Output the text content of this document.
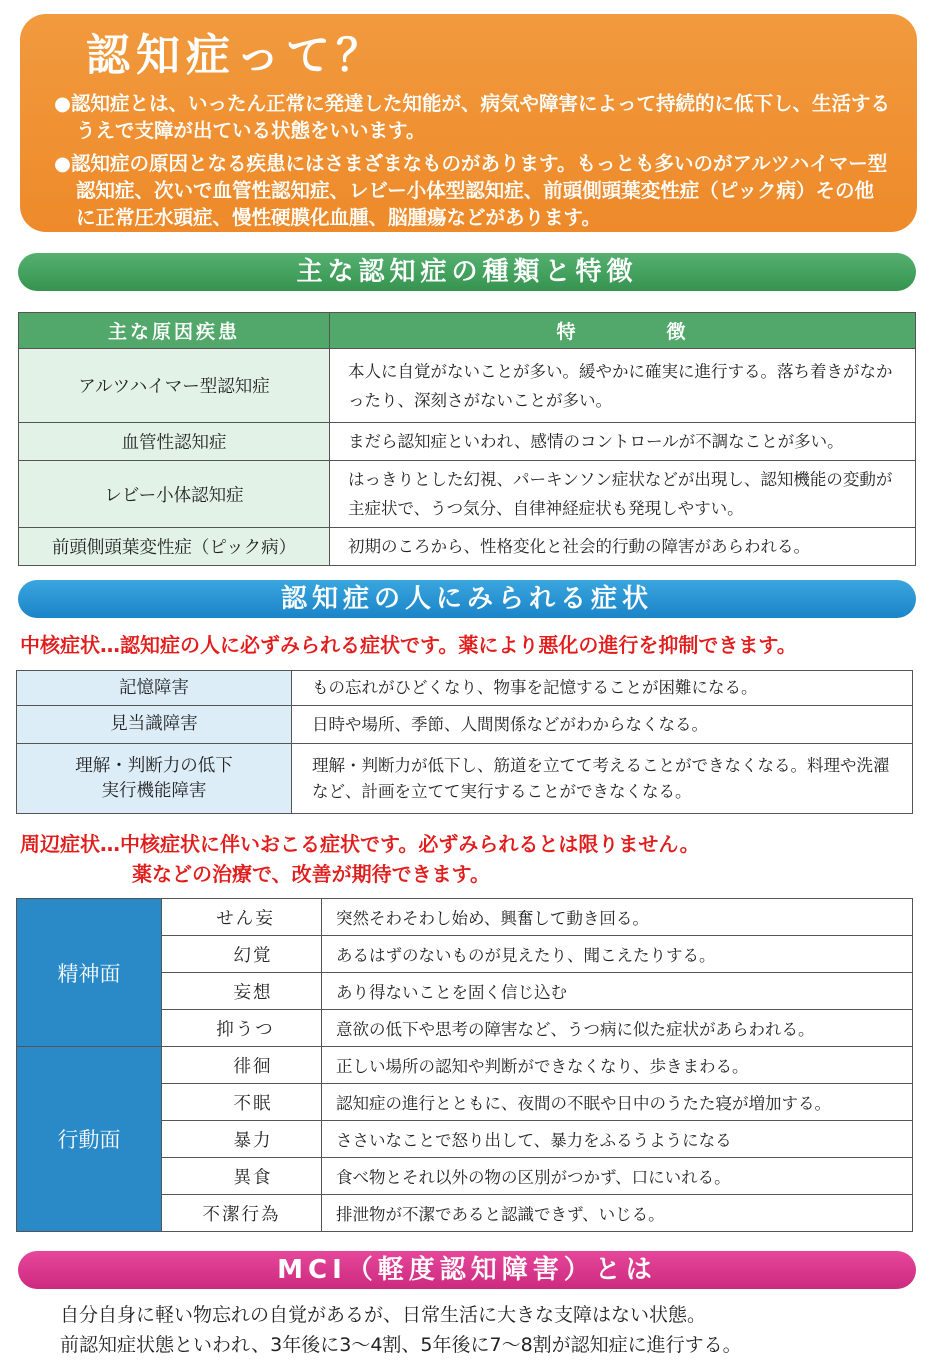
認知症って？

●認知症とは、いったん正常に発達した知能が、病気や障害によって持続的に低下し、生活するうえで支障が出ている状態をいいます。

●認知症の原因となる疾患にはさまざまなものがあります。もっとも多いのがアルツハイマー型認知症、次いで血管性認知症、レビー小体型認知症、前頭側頭葉変性症（ピック病）その他に正常圧水頭症、慢性硬膜化血腫、脳腫瘍などがあります。

主な認知症の種類と特徴
主な原因疾患	特　　　　徴
アルツハイマー型認知症	本人に自覚がないことが多い。緩やかに確実に進行する。落ち着きがなかったり、深刻さがないことが多い。
血管性認知症	まだら認知症といわれ、感情のコントロールが不調なことが多い。
レビー小体認知症	はっきりとした幻視、パーキンソン症状などが出現し、認知機能の変動が主症状で、うつ気分、自律神経症状も発現しやすい。
前頭側頭葉変性症（ピック病）	初期のころから、性格変化と社会的行動の障害があらわれる。
認知症の人にみられる症状
中核症状…認知症の人に必ずみられる症状です。薬により悪化の進行を抑制できます。
記憶障害	もの忘れがひどくなり、物事を記憶することが困難になる。
見当識障害	日時や場所、季節、人間関係などがわからなくなる。
理解・判断力の低下
実行機能障害	理解・判断力が低下し、筋道を立てて考えることができなくなる。料理や洗濯など、計画を立てて実行することができなくなる。
周辺症状…中核症状に伴いおこる症状です。必ずみられるとは限りません。
薬などの治療で、改善が期待できます。
精神面	せん妄	突然そわそわし始め、興奮して動き回る。
	幻覚	あるはずのないものが見えたり、聞こえたりする。
	妄想	あり得ないことを固く信じ込む
	抑うつ	意欲の低下や思考の障害など、うつ病に似た症状があらわれる。
行動面	徘徊	正しい場所の認知や判断ができなくなり、歩きまわる。
	不眠	認知症の進行とともに、夜間の不眠や日中のうたた寝が増加する。
	暴力	ささいなことで怒り出して、暴力をふるうようになる
	異食	食べ物とそれ以外の物の区別がつかず、口にいれる。
	不潔行為	排泄物が不潔であると認識できず、いじる。
MCI（軽度認知障害）とは
自分自身に軽い物忘れの自覚があるが、日常生活に大きな支障はない状態。
前認知症状態といわれ、3年後に3～4割、5年後に7～8割が認知症に進行する。
